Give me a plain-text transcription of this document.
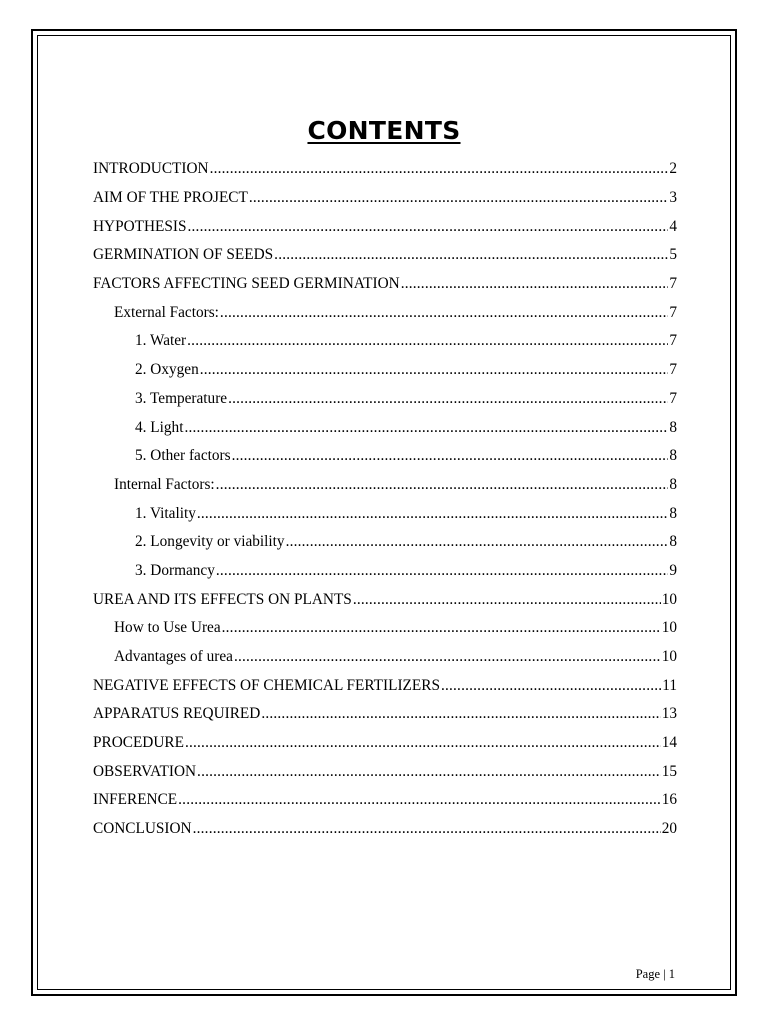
CONTENTS
INTRODUCTION .....	2
AIM OF THE PROJECT .....	3
HYPOTHESIS .....	4
GERMINATION OF SEEDS .....	5
FACTORS AFFECTING SEED GERMINATION .....	7
External Factors: .....	7
1. Water .....	7
2. Oxygen .....	7
3. Temperature .....	7
4. Light .....	8
5. Other factors .....	8
Internal Factors: .....	8
1. Vitality .....	8
2. Longevity or viability .....	8
3. Dormancy .....	9
UREA AND ITS EFFECTS ON PLANTS .....	10
How to Use Urea .....	10
Advantages of urea .....	10
NEGATIVE EFFECTS OF CHEMICAL FERTILIZERS .....	11
APPARATUS REQUIRED .....	13
PROCEDURE .....	14
OBSERVATION .....	15
INFERENCE .....	16
CONCLUSION .....	20
Page | 1
